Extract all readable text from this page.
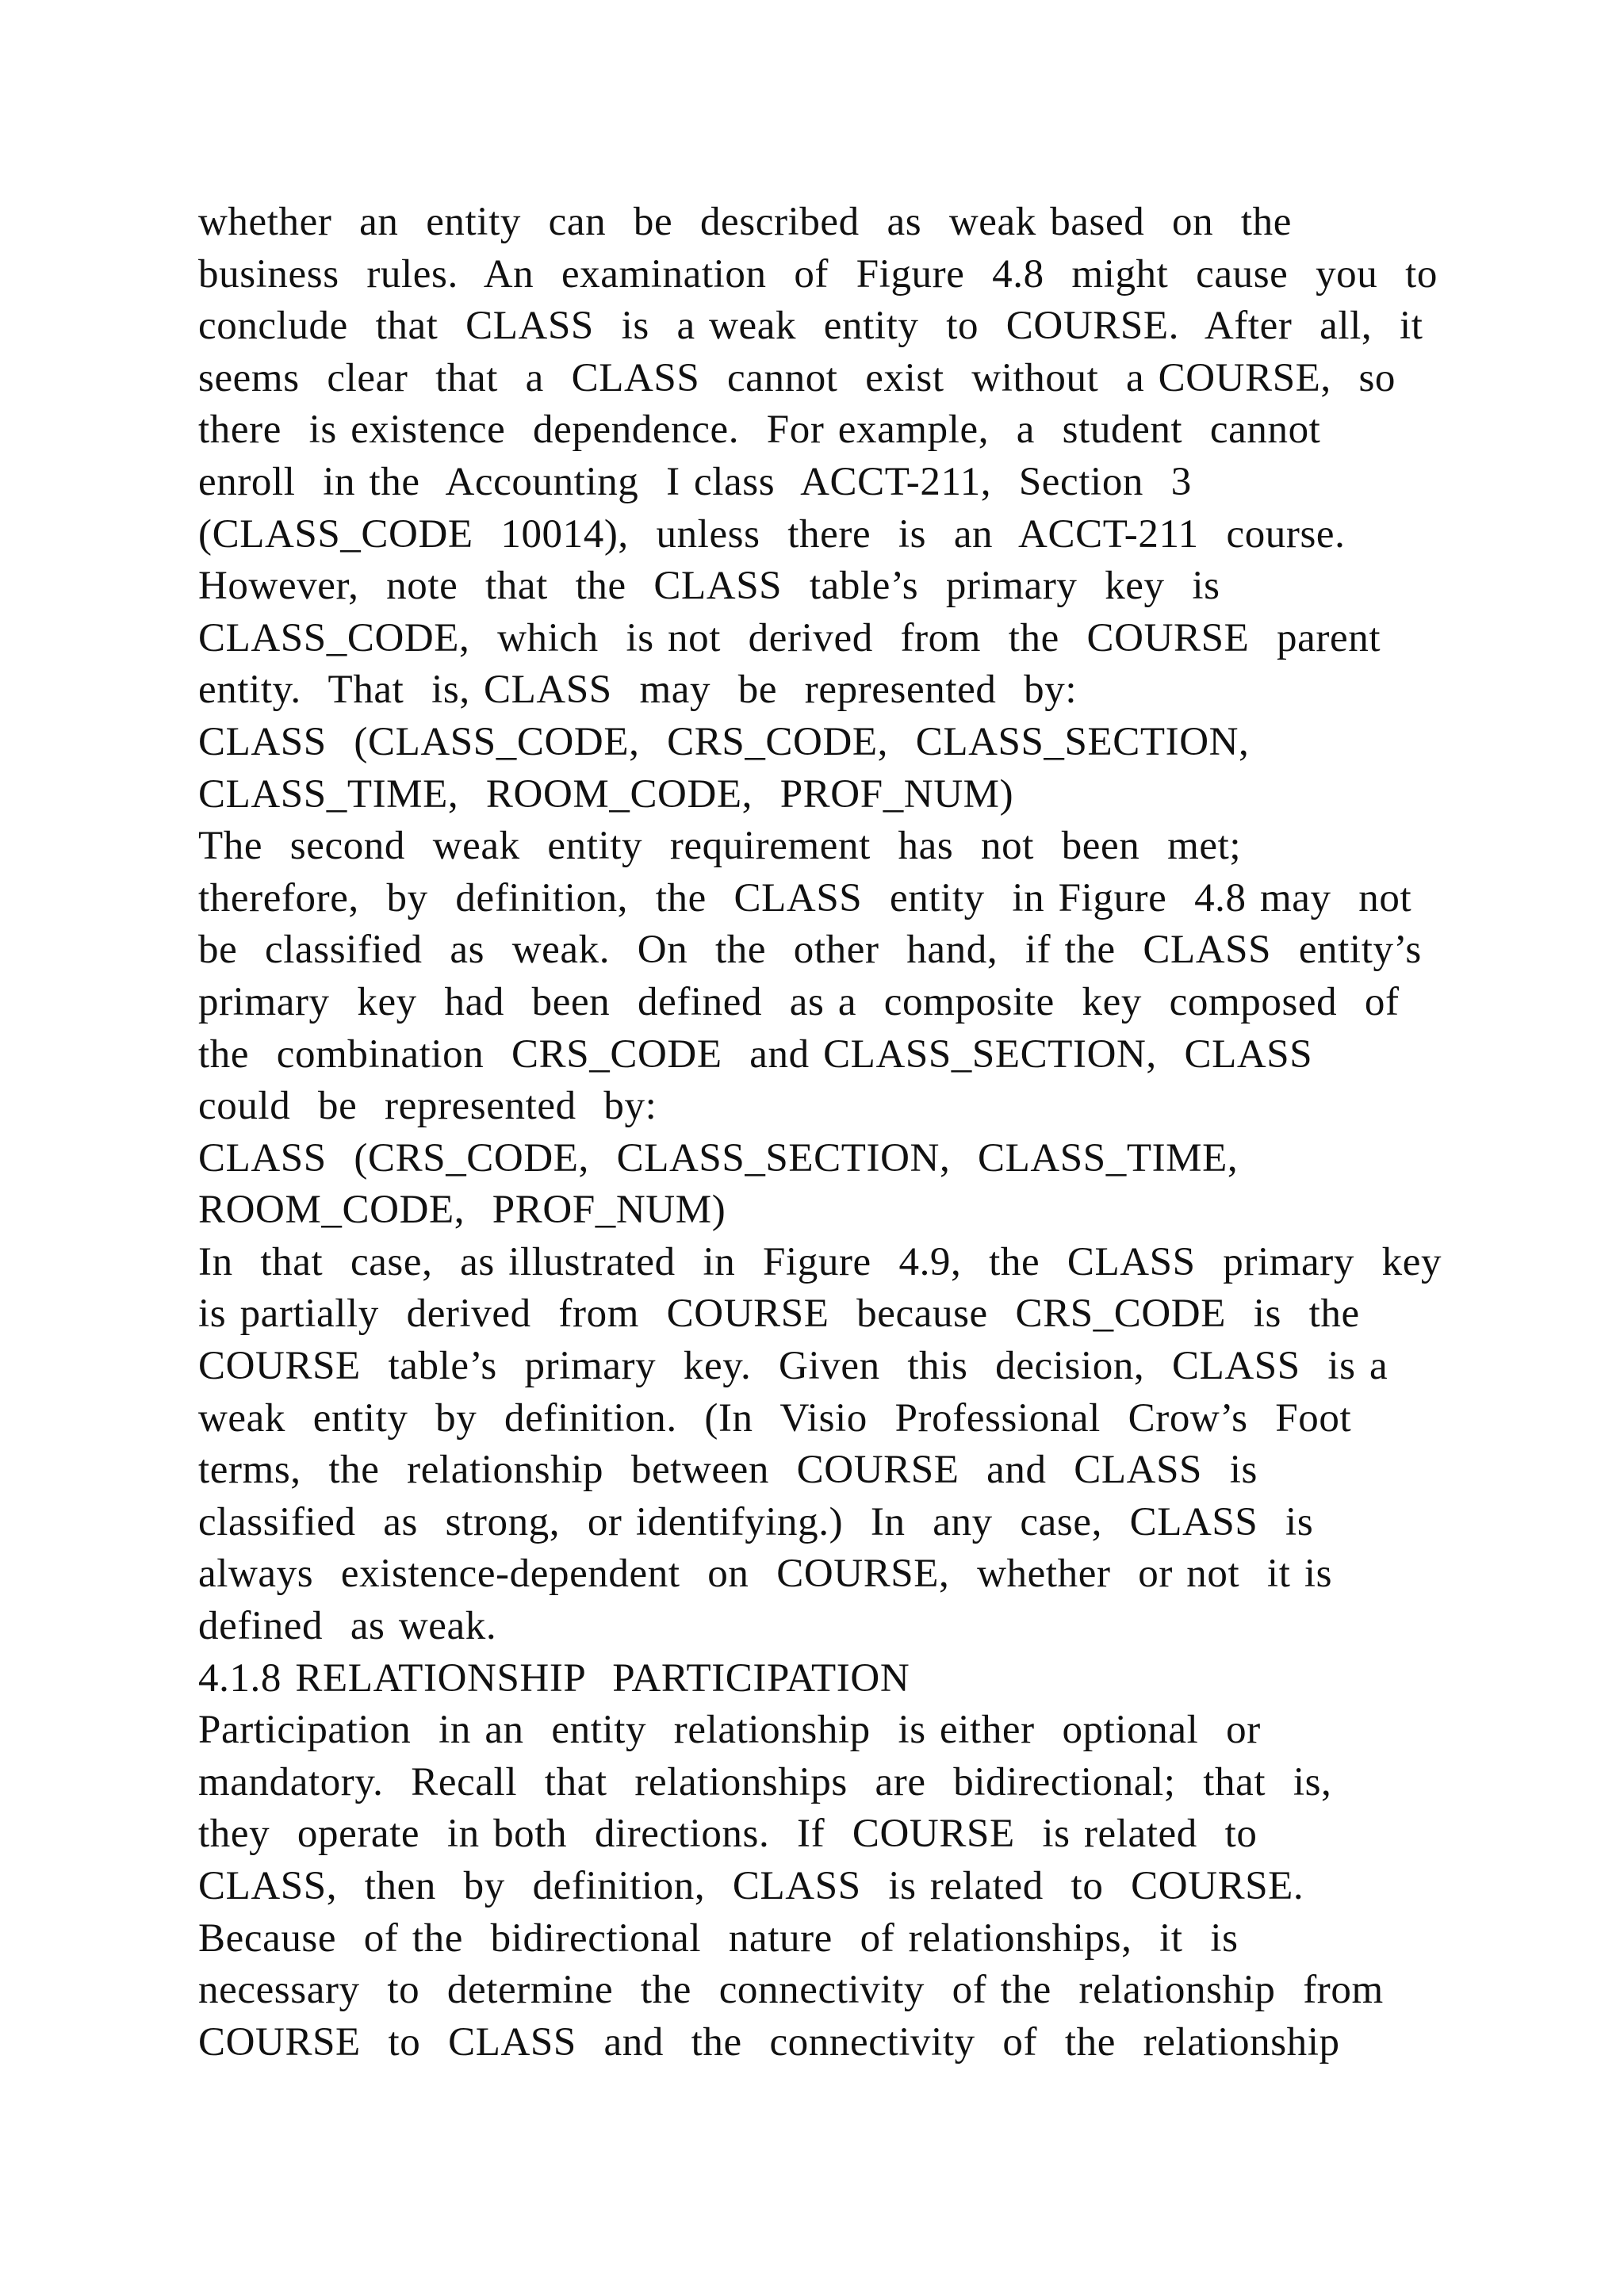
whether  an  entity  can  be  described  as  weak based  on  the
business  rules.  An  examination  of  Figure  4.8  might  cause  you  to
conclude  that  CLASS  is  a weak  entity  to  COURSE.  After  all,  it
seems  clear  that  a  CLASS  cannot  exist  without  a COURSE,  so
there  is existence  dependence.  For example,  a  student  cannot
enroll  in the  Accounting  I class  ACCT-211,  Section  3
(CLASS_CODE  10014),  unless  there  is  an  ACCT-211  course.
However,  note  that  the  CLASS  table’s  primary  key  is
CLASS_CODE,  which  is not  derived  from  the  COURSE  parent
entity.  That  is, CLASS  may  be  represented  by:
CLASS  (CLASS_CODE,  CRS_CODE,  CLASS_SECTION,
CLASS_TIME,  ROOM_CODE,  PROF_NUM)
The  second  weak  entity  requirement  has  not  been  met;
therefore,  by  definition,  the  CLASS  entity  in Figure  4.8 may  not
be  classified  as  weak.  On  the  other  hand,  if the  CLASS  entity’s
primary  key  had  been  defined  as a  composite  key  composed  of
the  combination  CRS_CODE  and CLASS_SECTION,  CLASS
could  be  represented  by:
CLASS  (CRS_CODE,  CLASS_SECTION,  CLASS_TIME,
ROOM_CODE,  PROF_NUM)
In  that  case,  as illustrated  in  Figure  4.9,  the  CLASS  primary  key
is partially  derived  from  COURSE  because  CRS_CODE  is  the
COURSE  table’s  primary  key.  Given  this  decision,  CLASS  is a
weak  entity  by  definition.  (In  Visio  Professional  Crow’s  Foot
terms,  the  relationship  between  COURSE  and  CLASS  is
classified  as  strong,  or identifying.)  In  any  case,  CLASS  is
always  existence-dependent  on  COURSE,  whether  or not  it is
defined  as weak.
4.1.8 RELATIONSHIP  PARTICIPATION
Participation  in an  entity  relationship  is either  optional  or
mandatory.  Recall  that  relationships  are  bidirectional;  that  is,
they  operate  in both  directions.  If  COURSE  is related  to
CLASS,  then  by  definition,  CLASS  is related  to  COURSE.
Because  of the  bidirectional  nature  of relationships,  it  is
necessary  to  determine  the  connectivity  of the  relationship  from
COURSE  to  CLASS  and  the  connectivity  of  the  relationship
